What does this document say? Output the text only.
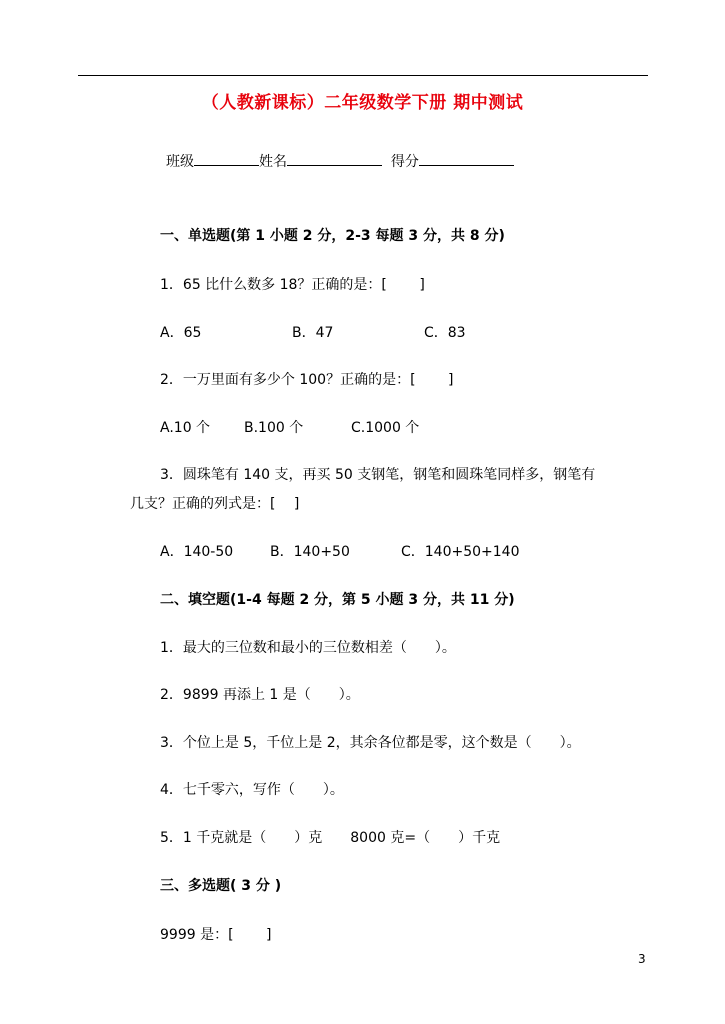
（人教新课标）二年级数学下册 期中测试
班级	姓名	得分
一、单选题(第 1 小题 2 分，2-3 每题 3 分，共 8 分)
1．65 比什么数多 18？正确的是：[　　 ]
A．65	B．47	C．83
2．一万里面有多少个 100？正确的是：[　　 ]
A.10 个 B.100 个	C.1000 个
3．圆珠笔有 140 支，再买 50 支钢笔，钢笔和圆珠笔同样多，钢笔有
几支？正确的列式是：[　 ]
A．140-50	B．140+50	C．140+50+140
二、填空题(1-4 每题 2 分，第 5 小题 3 分，共 11 分)
1．最大的三位数和最小的三位数相差（　　）。
2．9899 再添上 1 是（　　）。
3．个位上是 5，千位上是 2，其余各位都是零，这个数是（　　）。
4．七千零六，写作（　　）。
5．1 千克就是（　　）克　　8000 克=（　　）千克
三、多选题( 3 分 )
9999 是：[　　 ]
3
